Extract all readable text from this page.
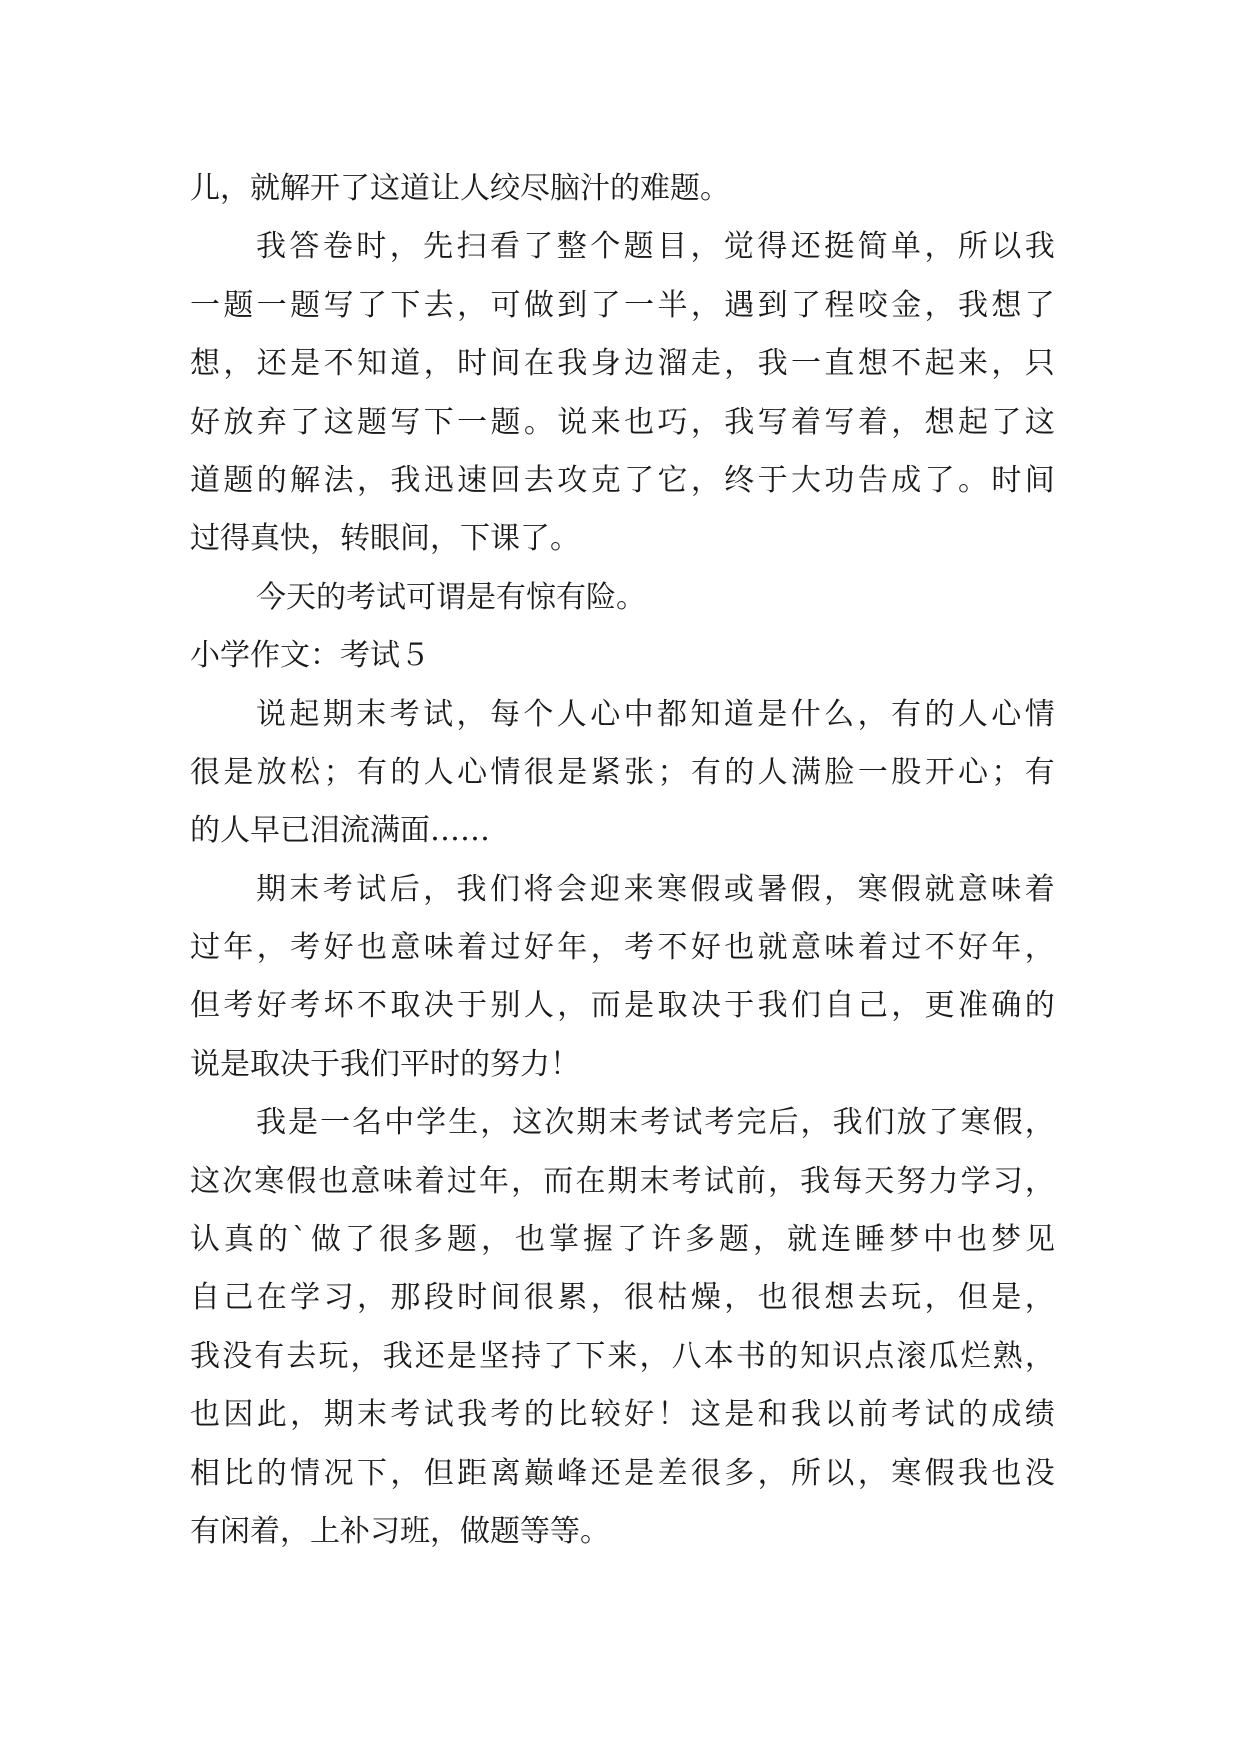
儿，就解开了这道让人绞尽脑汁的难题。
我 答 卷 时 ， 先 扫 看 了 整 个 题 目 ， 觉 得 还 挺 简 单 ， 所 以 我
一 题 一 题 写 了 下 去 ， 可 做 到 了 一 半 ， 遇 到 了 程 咬 金 ， 我 想 了
想 ， 还 是 不 知 道 ， 时 间 在 我 身 边 溜 走 ， 我 一 直 想 不 起 来 ， 只
好 放 弃 了 这 题 写 下 一 题 。 说 来 也 巧 ， 我 写 着 写 着 ， 想 起 了 这
道 题 的 解 法 ， 我 迅 速 回 去 攻 克 了 它 ， 终 于 大 功 告 成 了 。 时 间
过得真快，转眼间，下课了。
今天的考试可谓是有惊有险。
小学作文：考试５
说 起 期 末 考 试 ， 每 个 人 心 中 都 知 道 是 什 么 ， 有 的 人 心 情
很 是 放 松 ； 有 的 人 心 情 很 是 紧 张 ； 有 的 人 满 脸 一 股 开 心 ； 有
的人早已泪流满面……
期 末 考 试 后 ， 我 们 将 会 迎 来 寒 假 或 暑 假 ， 寒 假 就 意 味 着
过 年 ， 考 好 也 意 味 着 过 好 年 ， 考 不 好 也 就 意 味 着 过 不 好 年 ，
但 考 好 考 坏 不 取 决 于 别 人 ， 而 是 取 决 于 我 们 自 己 ， 更 准 确 的
说是取决于我们平时的努力！
我 是 一 名 中 学 生 ， 这 次 期 末 考 试 考 完 后 ， 我 们 放 了 寒 假 ，
这 次 寒 假 也 意 味 着 过 年 ， 而 在 期 末 考 试 前 ， 我 每 天 努 力 学 习 ，
认 真 的 ` 做 了 很 多 题 ， 也 掌 握 了 许 多 题 ， 就 连 睡 梦 中 也 梦 见
自 己 在 学 习 ， 那 段 时 间 很 累 ， 很 枯 燥 ， 也 很 想 去 玩 ， 但 是 ，
我 没 有 去 玩 ， 我 还 是 坚 持 了 下 来 ， 八 本 书 的 知 识 点 滚 瓜 烂 熟 ，
也 因 此 ， 期 末 考 试 我 考 的 比 较 好 ！ 这 是 和 我 以 前 考 试 的 成 绩
相 比 的 情 况 下 ， 但 距 离 巅 峰 还 是 差 很 多 ， 所 以 ， 寒 假 我 也 没
有闲着，上补习班，做题等等。
